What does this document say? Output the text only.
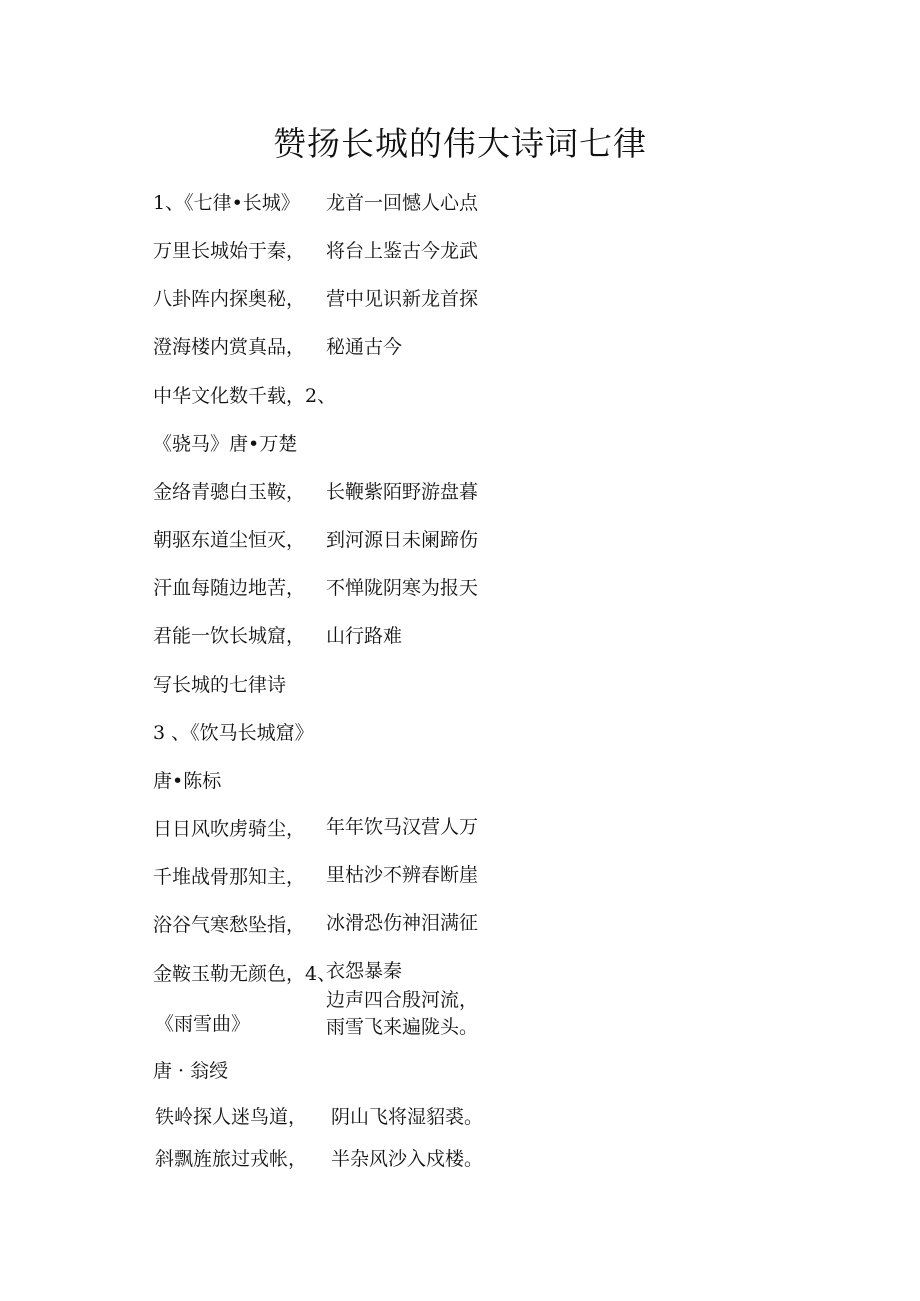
赞扬长城的伟大诗词七律
1、《七律•长城》
万里长城始于秦，
八卦阵内探奥秘，
澄海楼内赏真品，
中华文化数千载，2、
《骁马》唐•万楚
金络青骢白玉鞍，
朝驱东道尘恒灭，
汗血每随边地苦，
君能一饮长城窟，
写长城的七律诗
3 、《饮马长城窟》
唐•陈标
日日风吹虏骑尘，
千堆战骨那知主，
浴谷气寒愁坠指，
金鞍玉勒无颜色，4、
《雨雪曲》
唐 · 翁绶
龙首一回憾人心点
将台上鉴古今龙武
营中见识新龙首探
秘通古今
长鞭紫陌野游盘暮
到河源日未阑蹄伤
不惮陇阴寒为报天
山行路难
年年饮马汉营人万
里枯沙不辨春断崖
冰滑恐伤神泪满征
衣怨暴秦
边声四合殷河流，
雨雪飞来遍陇头。
铁岭探人迷鸟道， 阴山飞将湿貂裘。
斜飘旌旅过戎帐， 半杂风沙入戍楼。
